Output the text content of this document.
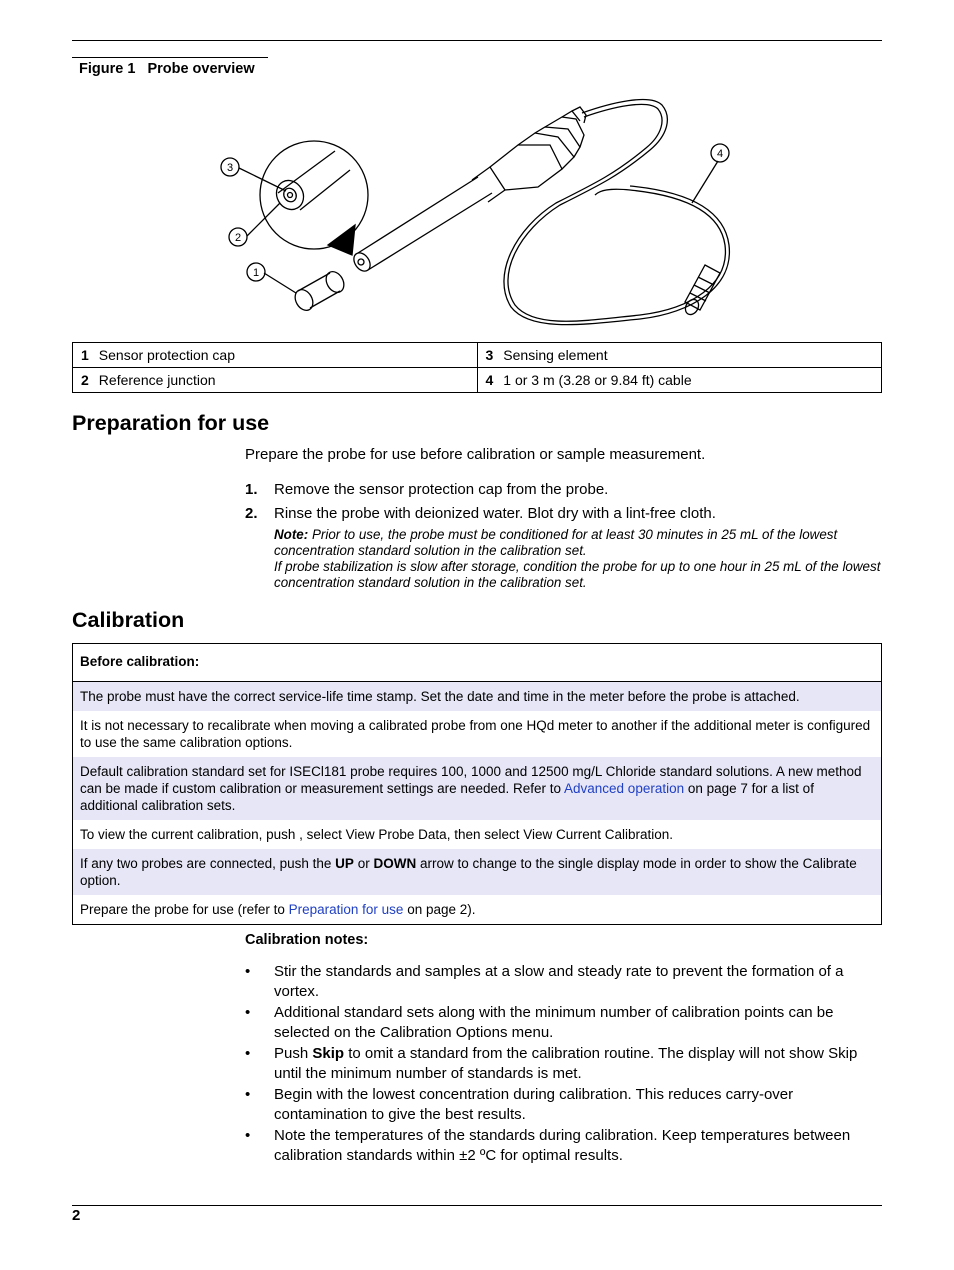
Figure 1 Probe overview
3
2
1
4
1 Sensor protection cap	3 Sensing element
2 Reference junction	4 1 or 3 m (3.28 or 9.84 ft) cable
Preparation for use
Prepare the probe for use before calibration or sample measurement.
1. Remove the sensor protection cap from the probe.
2. Rinse the probe with deionized water. Blot dry with a lint-free cloth.
Note: Prior to use, the probe must be conditioned for at least 30 minutes in 25 mL of the lowest concentration standard solution in the calibration set.
If probe stabilization is slow after storage, condition the probe for up to one hour in 25 mL of the lowest concentration standard solution in the calibration set.
Calibration
Before calibration:
The probe must have the correct service-life time stamp. Set the date and time in the meter before the probe is attached.
It is not necessary to recalibrate when moving a calibrated probe from one HQd meter to another if the additional meter is configured to use the same calibration options.
Default calibration standard set for ISECl181 probe requires 100, 1000 and 12500 mg/L Chloride standard solutions. A new method can be made if custom calibration or measurement settings are needed. Refer to Advanced operation on page 7 for a list of additional calibration sets.
To view the current calibration, push , select View Probe Data, then select View Current Calibration.
If any two probes are connected, push the UP or DOWN arrow to change to the single display mode in order to show the Calibrate option.
Prepare the probe for use (refer to Preparation for use on page 2).
Calibration notes:
• Stir the standards and samples at a slow and steady rate to prevent the formation of a vortex.
• Additional standard sets along with the minimum number of calibration points can be selected on the Calibration Options menu.
• Push Skip to omit a standard from the calibration routine. The display will not show Skip until the minimum number of standards is met.
• Begin with the lowest concentration during calibration. This reduces carry-over contamination to give the best results.
• Note the temperatures of the standards during calibration. Keep temperatures between calibration standards within ±2 ºC for optimal results.
2
